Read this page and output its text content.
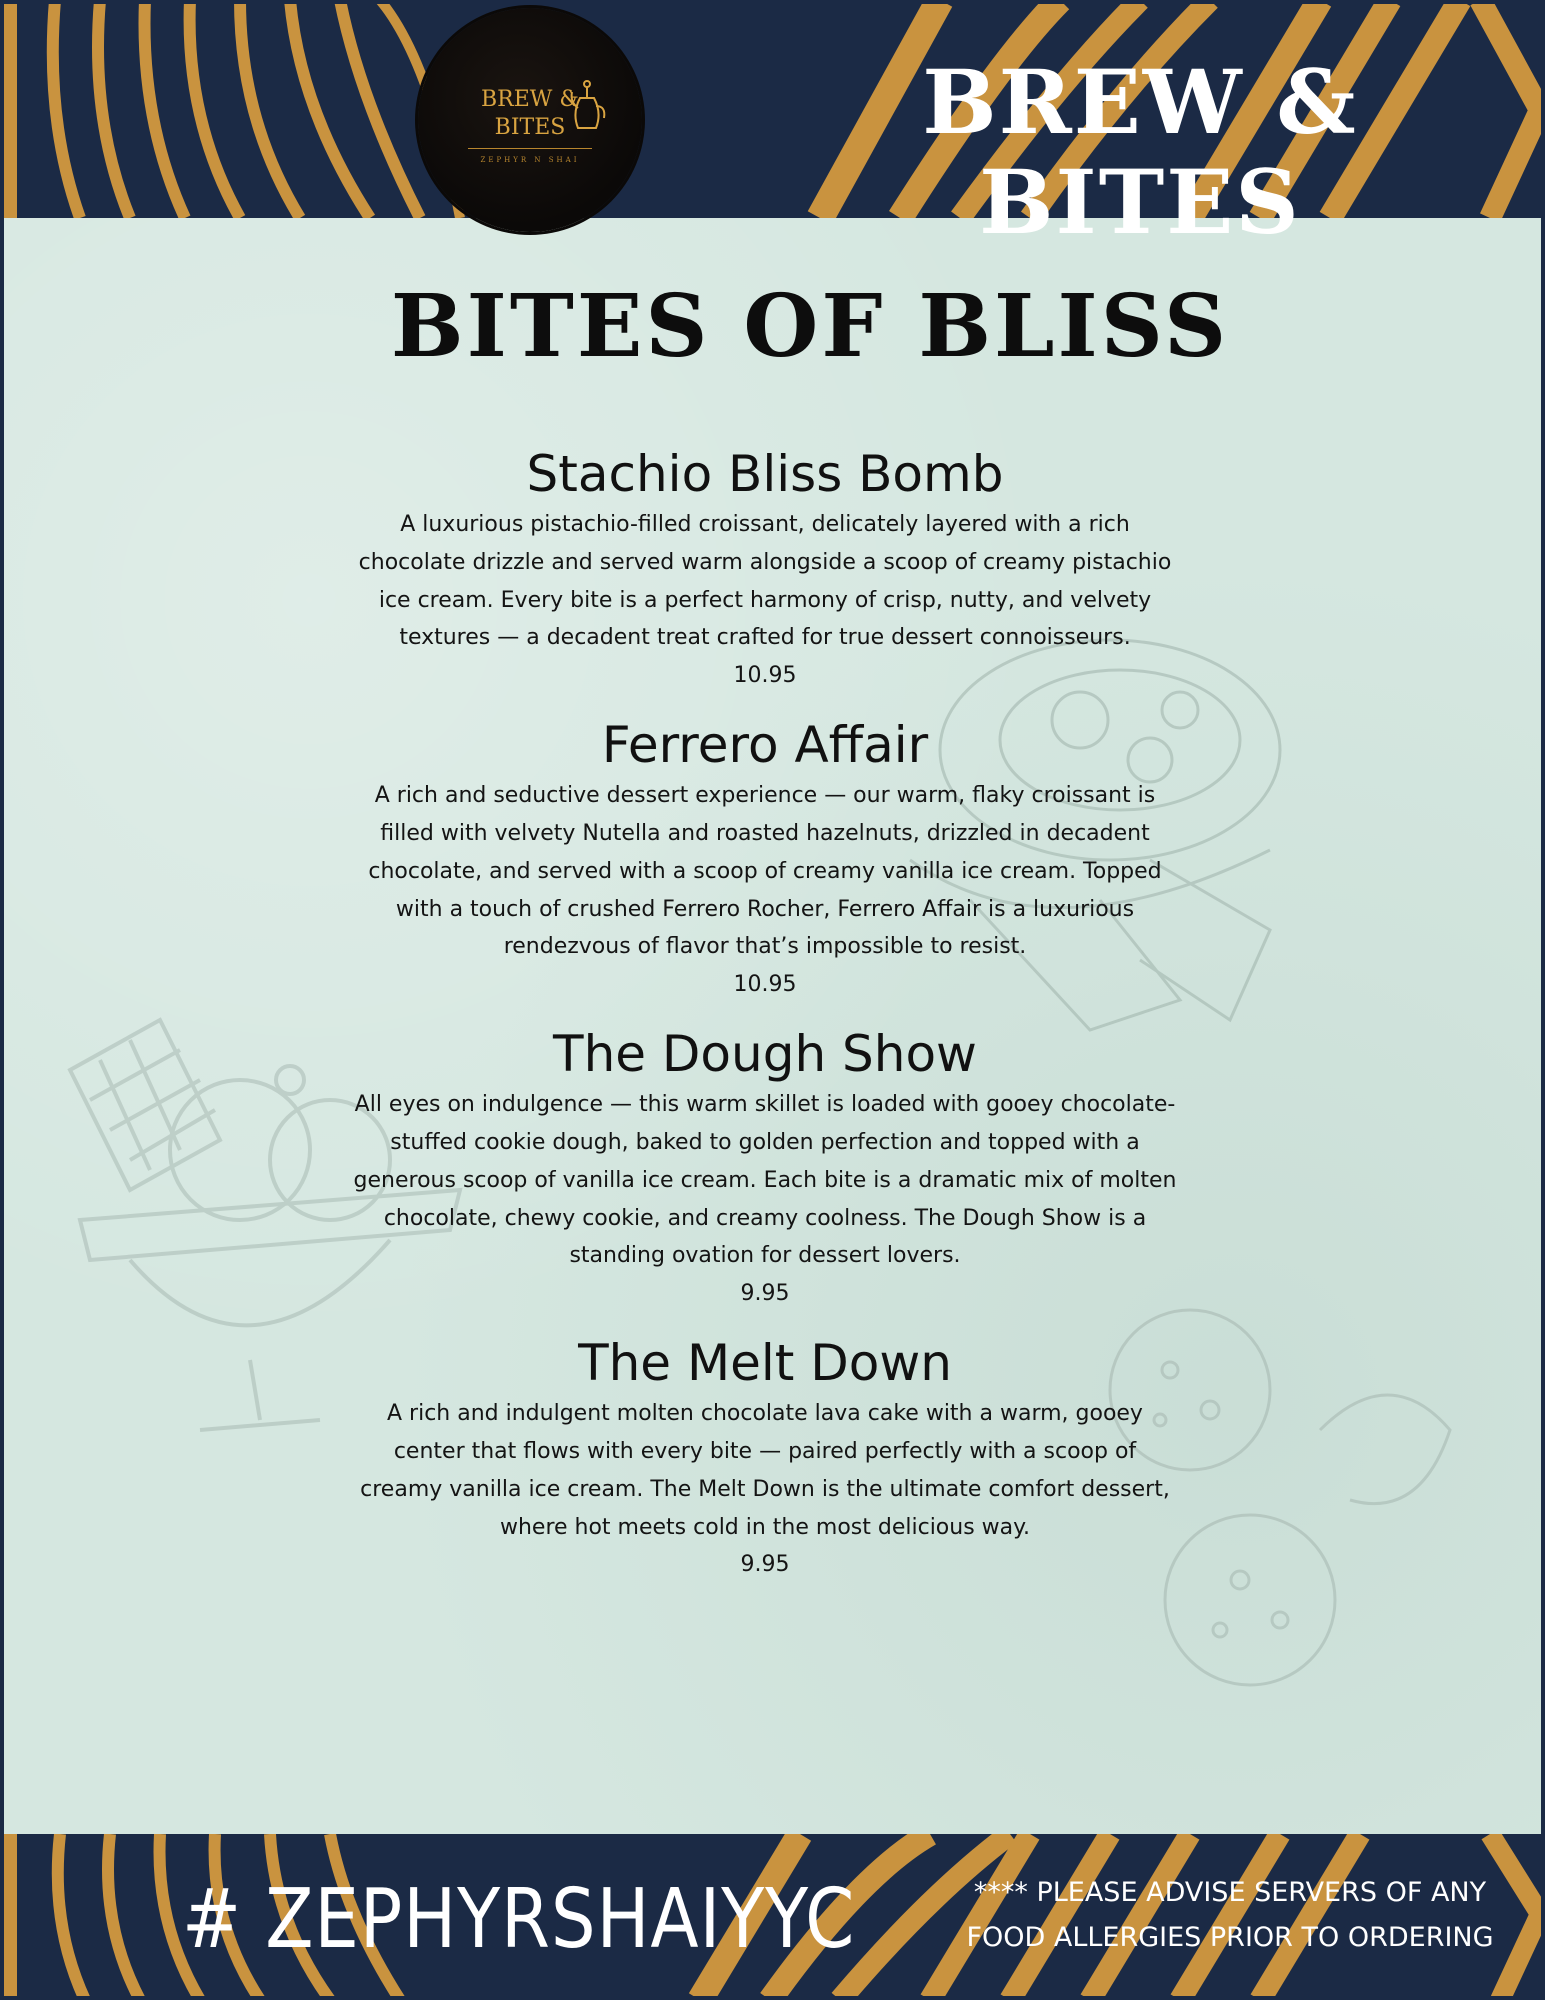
BREW &
BITES
ZEPHYR N SHAI
BREW & BITES
BITES OF BLISS
Stachio Bliss Bomb
A luxurious pistachio-filled croissant, delicately layered with a rich chocolate drizzle and served warm alongside a scoop of creamy pistachio ice cream. Every bite is a perfect harmony of crisp, nutty, and velvety textures — a decadent treat crafted for true dessert connoisseurs.
10.95
Ferrero Affair
A rich and seductive dessert experience — our warm, flaky croissant is filled with velvety Nutella and roasted hazelnuts, drizzled in decadent chocolate, and served with a scoop of creamy vanilla ice cream. Topped with a touch of crushed Ferrero Rocher, Ferrero Affair is a luxurious rendezvous of flavor that’s impossible to resist.
10.95
The Dough Show
All eyes on indulgence — this warm skillet is loaded with gooey chocolate-stuffed cookie dough, baked to golden perfection and topped with a generous scoop of vanilla ice cream. Each bite is a dramatic mix of molten chocolate, chewy cookie, and creamy coolness. The Dough Show is a standing ovation for dessert lovers.
9.95
The Melt Down
A rich and indulgent molten chocolate lava cake with a warm, gooey center that flows with every bite — paired perfectly with a scoop of creamy vanilla ice cream. The Melt Down is the ultimate comfort dessert, where hot meets cold in the most delicious way.
9.95
# ZEPHYRSHAIYYC	**** PLEASE ADVISE SERVERS OF ANY
FOOD ALLERGIES PRIOR TO ORDERING
